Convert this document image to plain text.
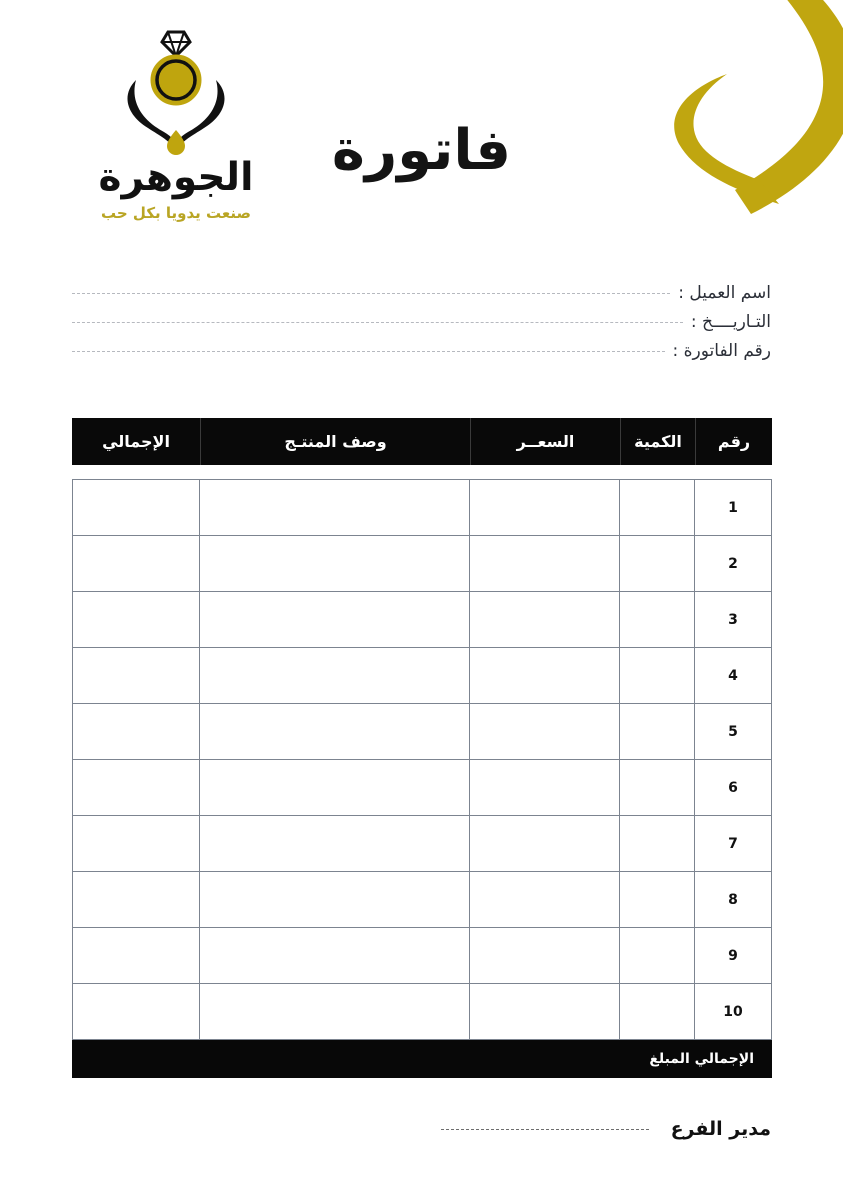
الجوهرة
صنعت يدويا بكل حب
فاتورة
اسم العميل :
التـاريــــخ :
رقم الفاتورة :
رقم
الكمية
السعــر
وصف المنتـج
الإجمالي
1
2
3
4
5
6
7
8
9
10
الإجمالي المبلغ
مدير الفرع
